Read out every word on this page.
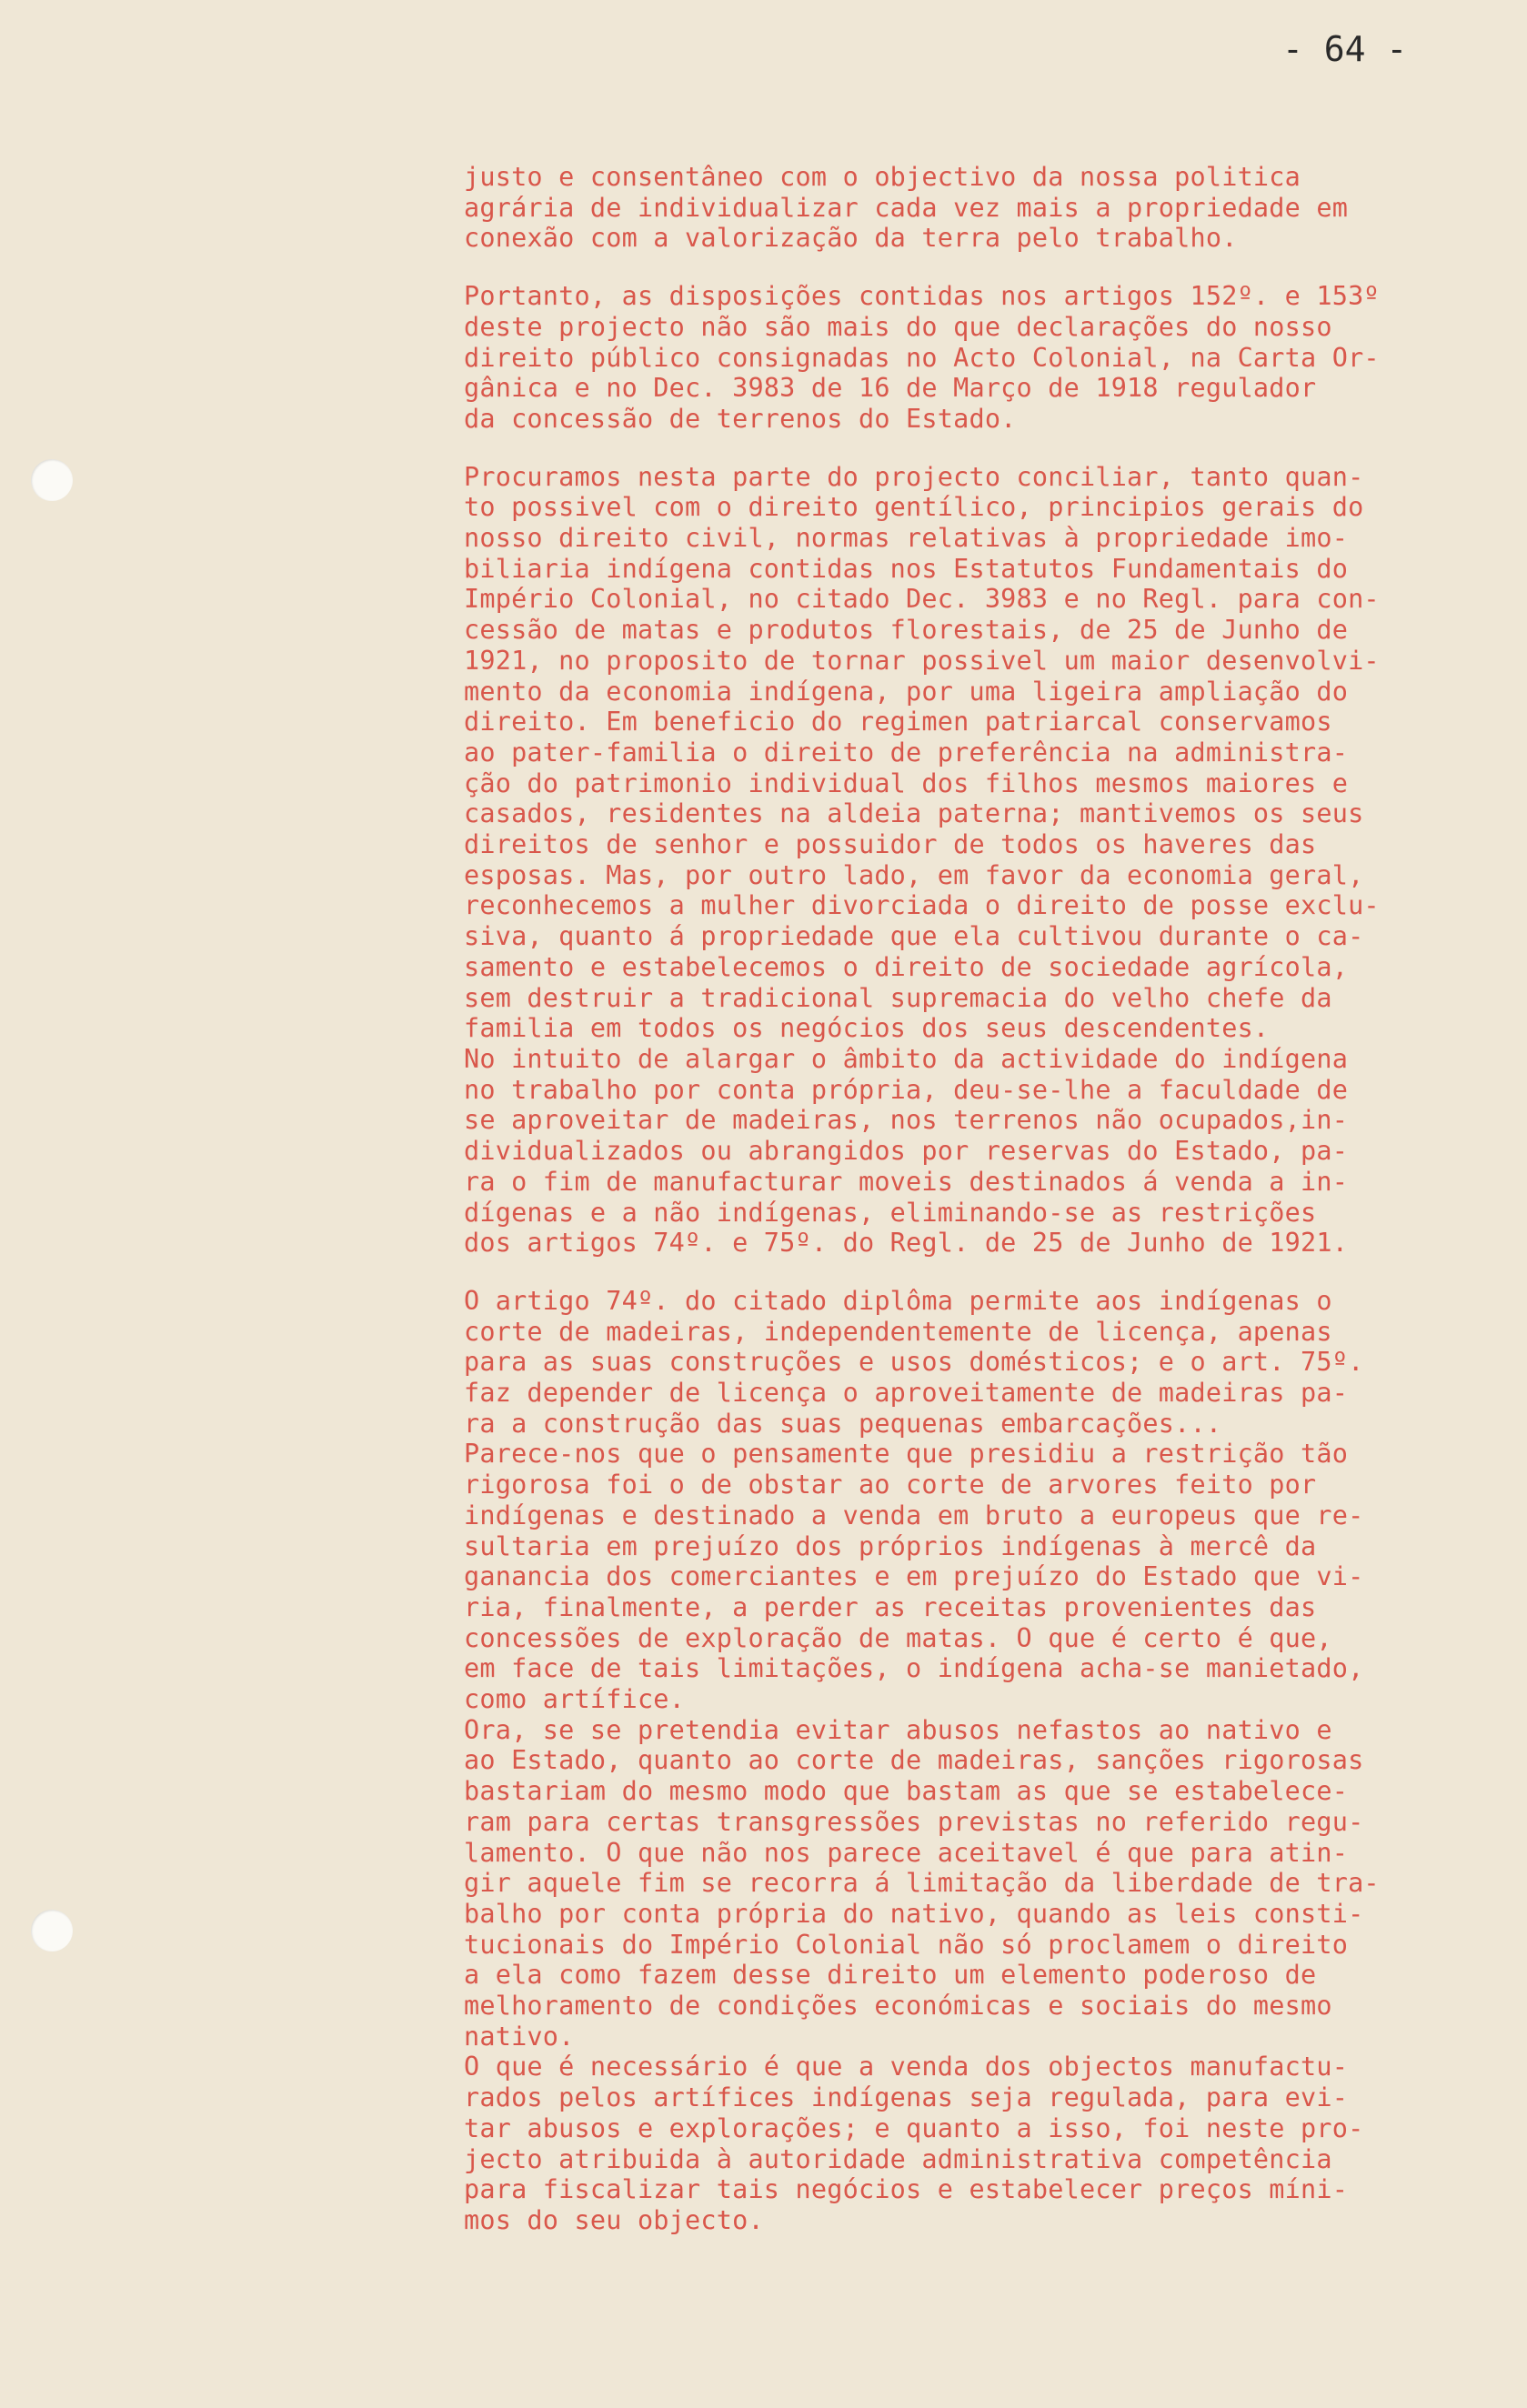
- 64 -

justo e consentâneo com o objectivo da nossa politica
agrária de individualizar cada vez mais a propriedade em
conexão com a valorização da terra pelo trabalho.

Portanto, as disposições contidas nos artigos 152º. e 153º
deste projecto não são mais do que declarações do nosso
direito público consignadas no Acto Colonial, na Carta Or-
gânica e no Dec. 3983 de 16 de Março de 1918 regulador
da concessão de terrenos do Estado.

Procuramos nesta parte do projecto conciliar, tanto quan-
to possivel com o direito gentílico, principios gerais do
nosso direito civil, normas relativas à propriedade imo-
biliaria indígena contidas nos Estatutos Fundamentais do
Império Colonial, no citado Dec. 3983 e no Regl. para con-
cessão de matas e produtos florestais, de 25 de Junho de
1921, no proposito de tornar possivel um maior desenvolvi-
mento da economia indígena, por uma ligeira ampliação do
direito. Em beneficio do regimen patriarcal conservamos
ao pater-familia o direito de preferência na administra-
ção do patrimonio individual dos filhos mesmos maiores e
casados, residentes na aldeia paterna; mantivemos os seus
direitos de senhor e possuidor de todos os haveres das
esposas. Mas, por outro lado, em favor da economia geral,
reconhecemos a mulher divorciada o direito de posse exclu-
siva, quanto á propriedade que ela cultivou durante o ca-
samento e estabelecemos o direito de sociedade agrícola,
sem destruir a tradicional supremacia do velho chefe da
familia em todos os negócios dos seus descendentes.
No intuito de alargar o âmbito da actividade do indígena
no trabalho por conta própria, deu-se-lhe a faculdade de
se aproveitar de madeiras, nos terrenos não ocupados,in-
dividualizados ou abrangidos por reservas do Estado, pa-
ra o fim de manufacturar moveis destinados á venda a in-
dígenas e a não indígenas, eliminando-se as restrições
dos artigos 74º. e 75º. do Regl. de 25 de Junho de 1921.

O artigo 74º. do citado diplôma permite aos indígenas o
corte de madeiras, independentemente de licença, apenas
para as suas construções e usos domésticos; e o art. 75º.
faz depender de licença o aproveitamente de madeiras pa-
ra a construção das suas pequenas embarcações...
Parece-nos que o pensamente que presidiu a restrição tão
rigorosa foi o de obstar ao corte de arvores feito por
indígenas e destinado a venda em bruto a europeus que re-
sultaria em prejuízo dos próprios indígenas à mercê da
ganancia dos comerciantes e em prejuízo do Estado que vi-
ria, finalmente, a perder as receitas provenientes das
concessões de exploração de matas. O que é certo é que,
em face de tais limitações, o indígena acha-se manietado,
como artífice.
Ora, se se pretendia evitar abusos nefastos ao nativo e
ao Estado, quanto ao corte de madeiras, sanções rigorosas
bastariam do mesmo modo que bastam as que se estabelece-
ram para certas transgressões previstas no referido regu-
lamento. O que não nos parece aceitavel é que para atin-
gir aquele fim se recorra á limitação da liberdade de tra-
balho por conta própria do nativo, quando as leis consti-
tucionais do Império Colonial não só proclamem o direito
a ela como fazem desse direito um elemento poderoso de
melhoramento de condições económicas e sociais do mesmo
nativo.
O que é necessário é que a venda dos objectos manufactu-
rados pelos artífices indígenas seja regulada, para evi-
tar abusos e explorações; e quanto a isso, foi neste pro-
jecto atribuida à autoridade administrativa competência
para fiscalizar tais negócios e estabelecer preços míni-
mos do seu objecto.
